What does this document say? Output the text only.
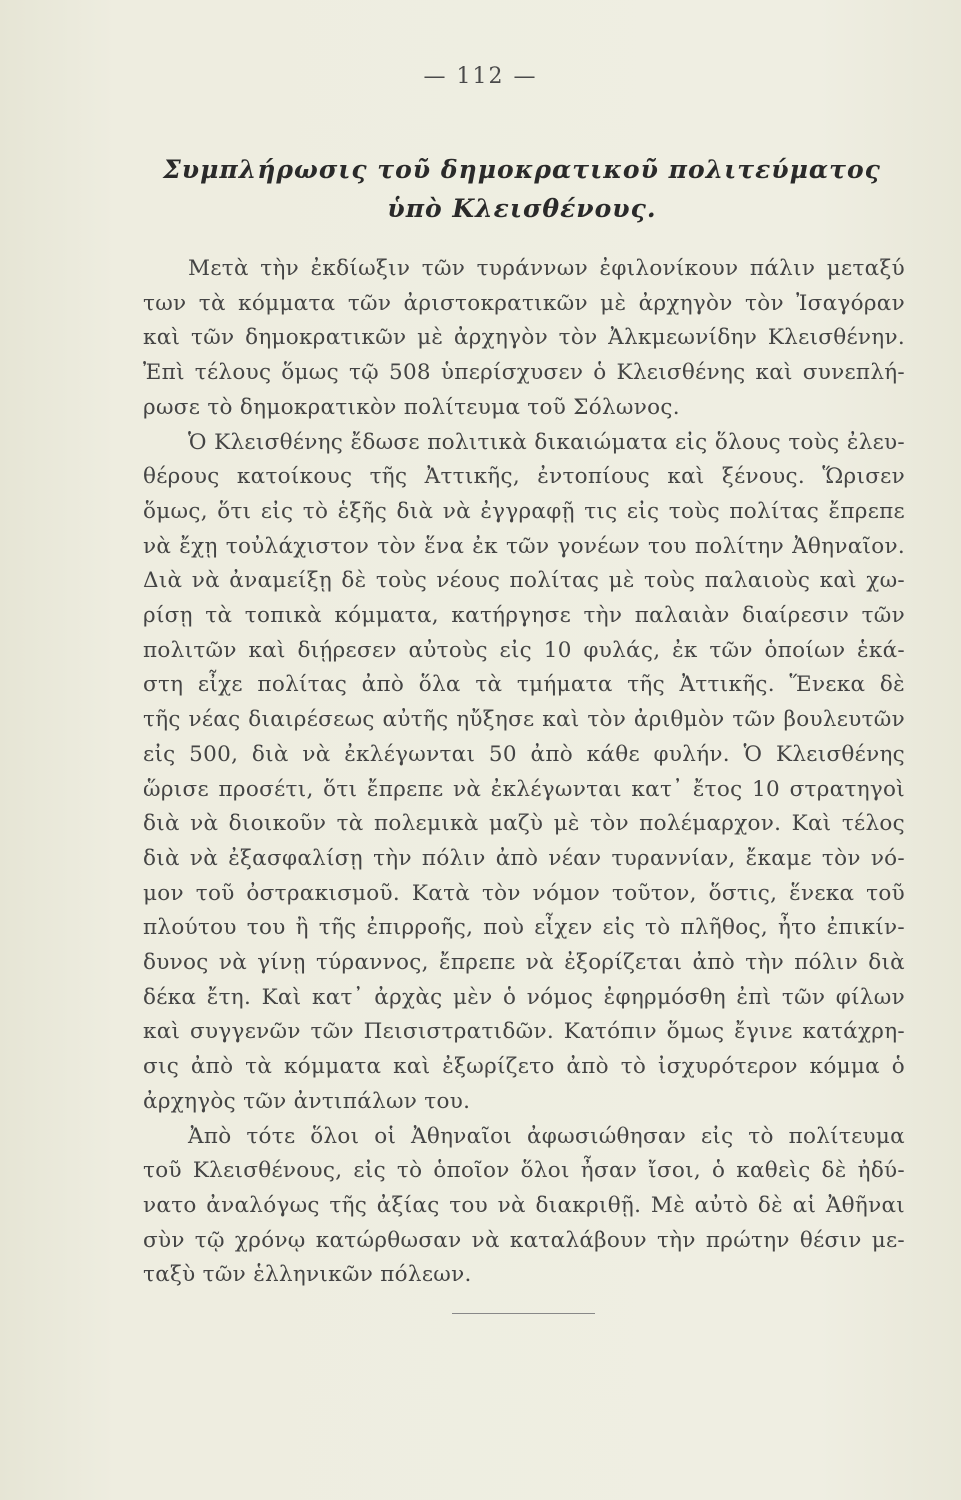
— 112 —
Συμπλήρωσις τοῦ δημοκρατικοῦ πολιτεύματος
ὑπὸ Κλεισθένους.
Μετὰ τὴν ἐκδίωξιν τῶν τυράννων ἐφιλονίκουν πάλιν μεταξύ
των τὰ κόμματα τῶν ἀριστοκρατικῶν μὲ ἀρχηγὸν τὸν Ἰσαγόραν
καὶ τῶν δημοκρατικῶν μὲ ἀρχηγὸν τὸν Ἀλκμεωνίδην Κλεισθένην.
Ἐπὶ τέλους ὅμως τῷ 508 ὑπερίσχυσεν ὁ Κλεισθένης καὶ συνεπλή-
ρωσε τὸ δημοκρατικὸν πολίτευμα τοῦ Σόλωνος.
Ὁ Κλεισθένης ἔδωσε πολιτικὰ δικαιώματα εἰς ὅλους τοὺς ἐλευ-
θέρους κατοίκους τῆς Ἀττικῆς, ἐντοπίους καὶ ξένους. Ὥρισεν
ὅμως, ὅτι εἰς τὸ ἑξῆς διὰ νὰ ἐγγραφῇ τις εἰς τοὺς πολίτας ἔπρεπε
νὰ ἔχῃ τοὐλάχιστον τὸν ἕνα ἐκ τῶν γονέων του πολίτην Ἀθηναῖον.
Διὰ νὰ ἀναμείξῃ δὲ τοὺς νέους πολίτας μὲ τοὺς παλαιοὺς καὶ χω-
ρίσῃ τὰ τοπικὰ κόμματα, κατήργησε τὴν παλαιὰν διαίρεσιν τῶν
πολιτῶν καὶ διῄρεσεν αὐτοὺς εἰς 10 φυλάς, ἐκ τῶν ὁποίων ἑκά-
στη εἶχε πολίτας ἀπὸ ὅλα τὰ τμήματα τῆς Ἀττικῆς. Ἕνεκα δὲ
τῆς νέας διαιρέσεως αὐτῆς ηὔξησε καὶ τὸν ἀριθμὸν τῶν βουλευτῶν
εἰς 500, διὰ νὰ ἐκλέγωνται 50 ἀπὸ κάθε φυλήν. Ὁ Κλεισθένης
ὥρισε προσέτι, ὅτι ἔπρεπε νὰ ἐκλέγωνται κατ᾿ ἔτος 10 στρατηγοὶ
διὰ νὰ διοικοῦν τὰ πολεμικὰ μαζὺ μὲ τὸν πολέμαρχον. Καὶ τέλος
διὰ νὰ ἐξασφαλίσῃ τὴν πόλιν ἀπὸ νέαν τυραννίαν, ἔκαμε τὸν νό-
μον τοῦ ὀστρακισμοῦ. Κατὰ τὸν νόμον τοῦτον, ὅστις, ἕνεκα τοῦ
πλούτου του ἢ τῆς ἐπιρροῆς, ποὺ εἶχεν εἰς τὸ πλῆθος, ἦτο ἐπικίν-
δυνος νὰ γίνῃ τύραννος, ἔπρεπε νὰ ἐξορίζεται ἀπὸ τὴν πόλιν διὰ
δέκα ἔτη. Καὶ κατ᾿ ἀρχὰς μὲν ὁ νόμος ἐφηρμόσθη ἐπὶ τῶν φίλων
καὶ συγγενῶν τῶν Πεισιστρατιδῶν. Κατόπιν ὅμως ἔγινε κατάχρη-
σις ἀπὸ τὰ κόμματα καὶ ἐξωρίζετο ἀπὸ τὸ ἰσχυρότερον κόμμα ὁ
ἀρχηγὸς τῶν ἀντιπάλων του.
Ἀπὸ τότε ὅλοι οἱ Ἀθηναῖοι ἀφωσιώθησαν εἰς τὸ πολίτευμα
τοῦ Κλεισθένους, εἰς τὸ ὁποῖον ὅλοι ἦσαν ἴσοι, ὁ καθεὶς δὲ ἠδύ-
νατο ἀναλόγως τῆς ἀξίας του νὰ διακριθῇ. Μὲ αὐτὸ δὲ αἱ Ἀθῆναι
σὺν τῷ χρόνῳ κατώρθωσαν νὰ καταλάβουν τὴν πρώτην θέσιν με-
ταξὺ τῶν ἑλληνικῶν πόλεων.
